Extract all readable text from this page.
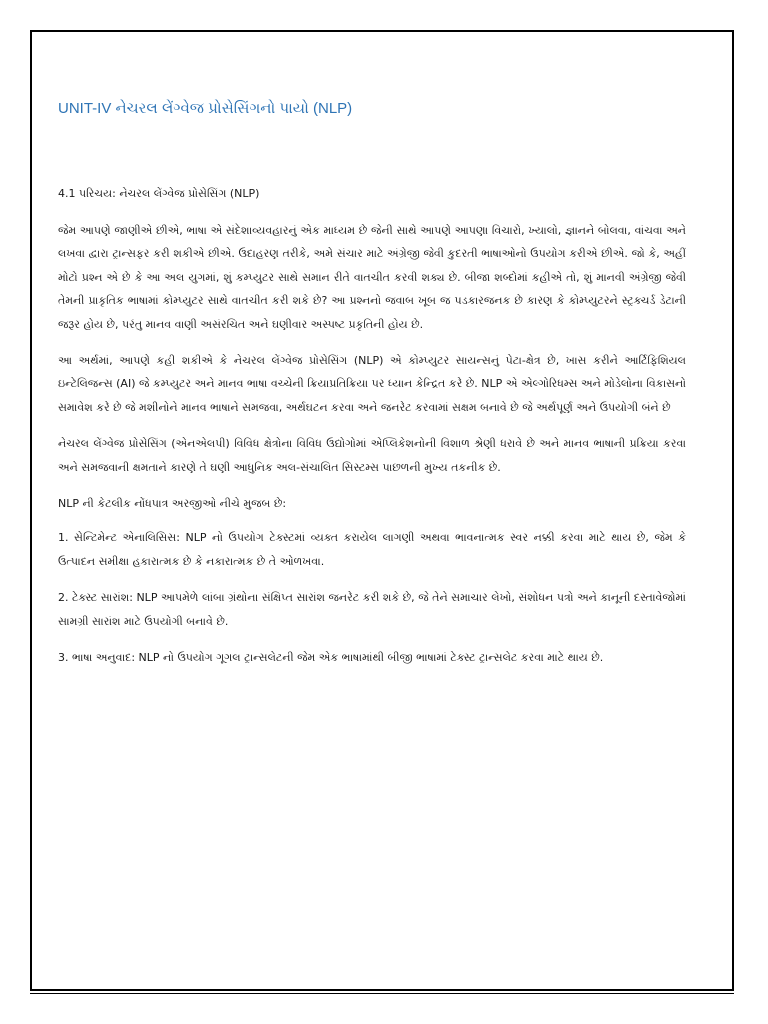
UNIT-IV નેચરલ લેંગ્વેજ પ્રોસેસિંગનો પાયો (NLP)
4.1 પરિચય: નેચરલ લેંગ્વેજ પ્રોસેસિંગ (NLP)

જેમ આપણે જાણીએ છીએ, ભાષા એ સંદેશાવ્યવહારનું એક માધ્યમ છે જેની સાથે આપણે આપણા વિચારો, ખ્યાલો, જ્ઞાનને બોલવા, વાંચવા અને લખવા દ્વારા ટ્રાન્સફર કરી શકીએ છીએ. ઉદાહરણ તરીકે, અમે સંચાર માટે અંગ્રેજી જેવી કુદરતી ભાષાઓનો ઉપયોગ કરીએ છીએ. જો કે, અહીં મોટો પ્રશ્ન એ છે કે આ અલ યુગમાં, શું કમ્પ્યુટર સાથે સમાન રીતે વાતચીત કરવી શક્ય છે. બીજા શબ્દોમાં કહીએ તો, શું માનવી અંગ્રેજી જેવી તેમની પ્રાકૃતિક ભાષામાં કોમ્પ્યુટર સાથે વાતચીત કરી શકે છે? આ પ્રશ્નનો જવાબ ખૂબ જ પડકારજનક છે કારણ કે કોમ્પ્યુટરને સ્ટ્રક્ચર્ડ ડેટાની જરૂર હોય છે, પરંતુ માનવ વાણી અસંરચિત અને ઘણીવાર અસ્પષ્ટ પ્રકૃતિની હોય છે.

આ અર્થમાં, આપણે કહી શકીએ કે નેચરલ લેંગ્વેજ પ્રોસેસિંગ (NLP) એ કોમ્પ્યુટર સાયન્સનું પેટા-ક્ષેત્ર છે, ખાસ કરીને આર્ટિફિશિયલ ઇન્ટેલિજન્સ (AI) જે કમ્પ્યુટર અને માનવ ભાષા વચ્ચેની ક્રિયાપ્રતિક્રિયા પર ધ્યાન કેન્દ્રિત કરે છે. NLP એ એલ્ગોરિધમ્સ અને મોડેલોના વિકાસનો સમાવેશ કરે છે જે મશીનોને માનવ ભાષાને સમજવા, અર્થઘટન કરવા અને જનરેટ કરવામાં સક્ષમ બનાવે છે જે અર્થપૂર્ણ અને ઉપયોગી બંને છે

નેચરલ લેંગ્વેજ પ્રોસેસિંગ (એનએલપી) વિવિધ ક્ષેત્રોના વિવિધ ઉદ્યોગોમાં એપ્લિકેશનોની વિશાળ શ્રેણી ધરાવે છે અને માનવ ભાષાની પ્રક્રિયા કરવા અને સમજવાની ક્ષમતાને કારણે તે ઘણી આધુનિક અલ-સંચાલિત સિસ્ટમ્સ પાછળની મુખ્ય તકનીક છે.

NLP ની કેટલીક નોંધપાત્ર અરજીઓ નીચે મુજબ છે:

1. સેન્ટિમેન્ટ એનાલિસિસ: NLP નો ઉપયોગ ટેક્સ્ટમાં વ્યક્ત કરાયેલ લાગણી અથવા ભાવનાત્મક સ્વર નક્કી કરવા માટે થાય છે, જેમ કે ઉત્પાદન સમીક્ષા હકારાત્મક છે કે નકારાત્મક છે તે ઓળખવા.

2. ટેક્સ્ટ સારાંશ: NLP આપમેળે લાંબા ગ્રંથોના સંક્ષિપ્ત સારાંશ જનરેટ કરી શકે છે, જે તેને સમાચાર લેખો, સંશોધન પત્રો અને કાનૂની દસ્તાવેજોમાં સામગ્રી સારાંશ માટે ઉપયોગી બનાવે છે.

3. ભાષા અનુવાદ: NLP નો ઉપયોગ ગૂગલ ટ્રાન્સલેટની જેમ એક ભાષામાંથી બીજી ભાષામાં ટેક્સ્ટ ટ્રાન્સલેટ કરવા માટે થાય છે.
